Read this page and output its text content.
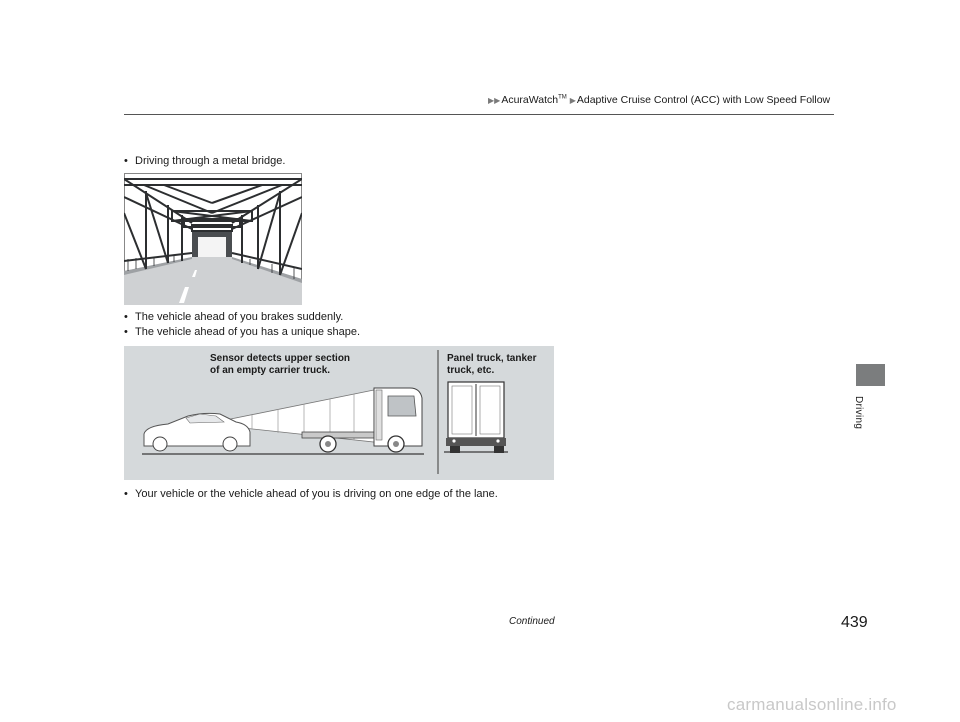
▶▶AcuraWatch™ ▶Adaptive Cruise Control (ACC) with Low Speed Follow
• Driving through a metal bridge.
• The vehicle ahead of you brakes suddenly.
• The vehicle ahead of you has a unique shape.
Sensor detects upper section
of an empty carrier truck.
Panel truck, tanker
truck, etc.
• Your vehicle or the vehicle ahead of you is driving on one edge of the lane.
Driving
Continued	439
carmanualsonline.info
